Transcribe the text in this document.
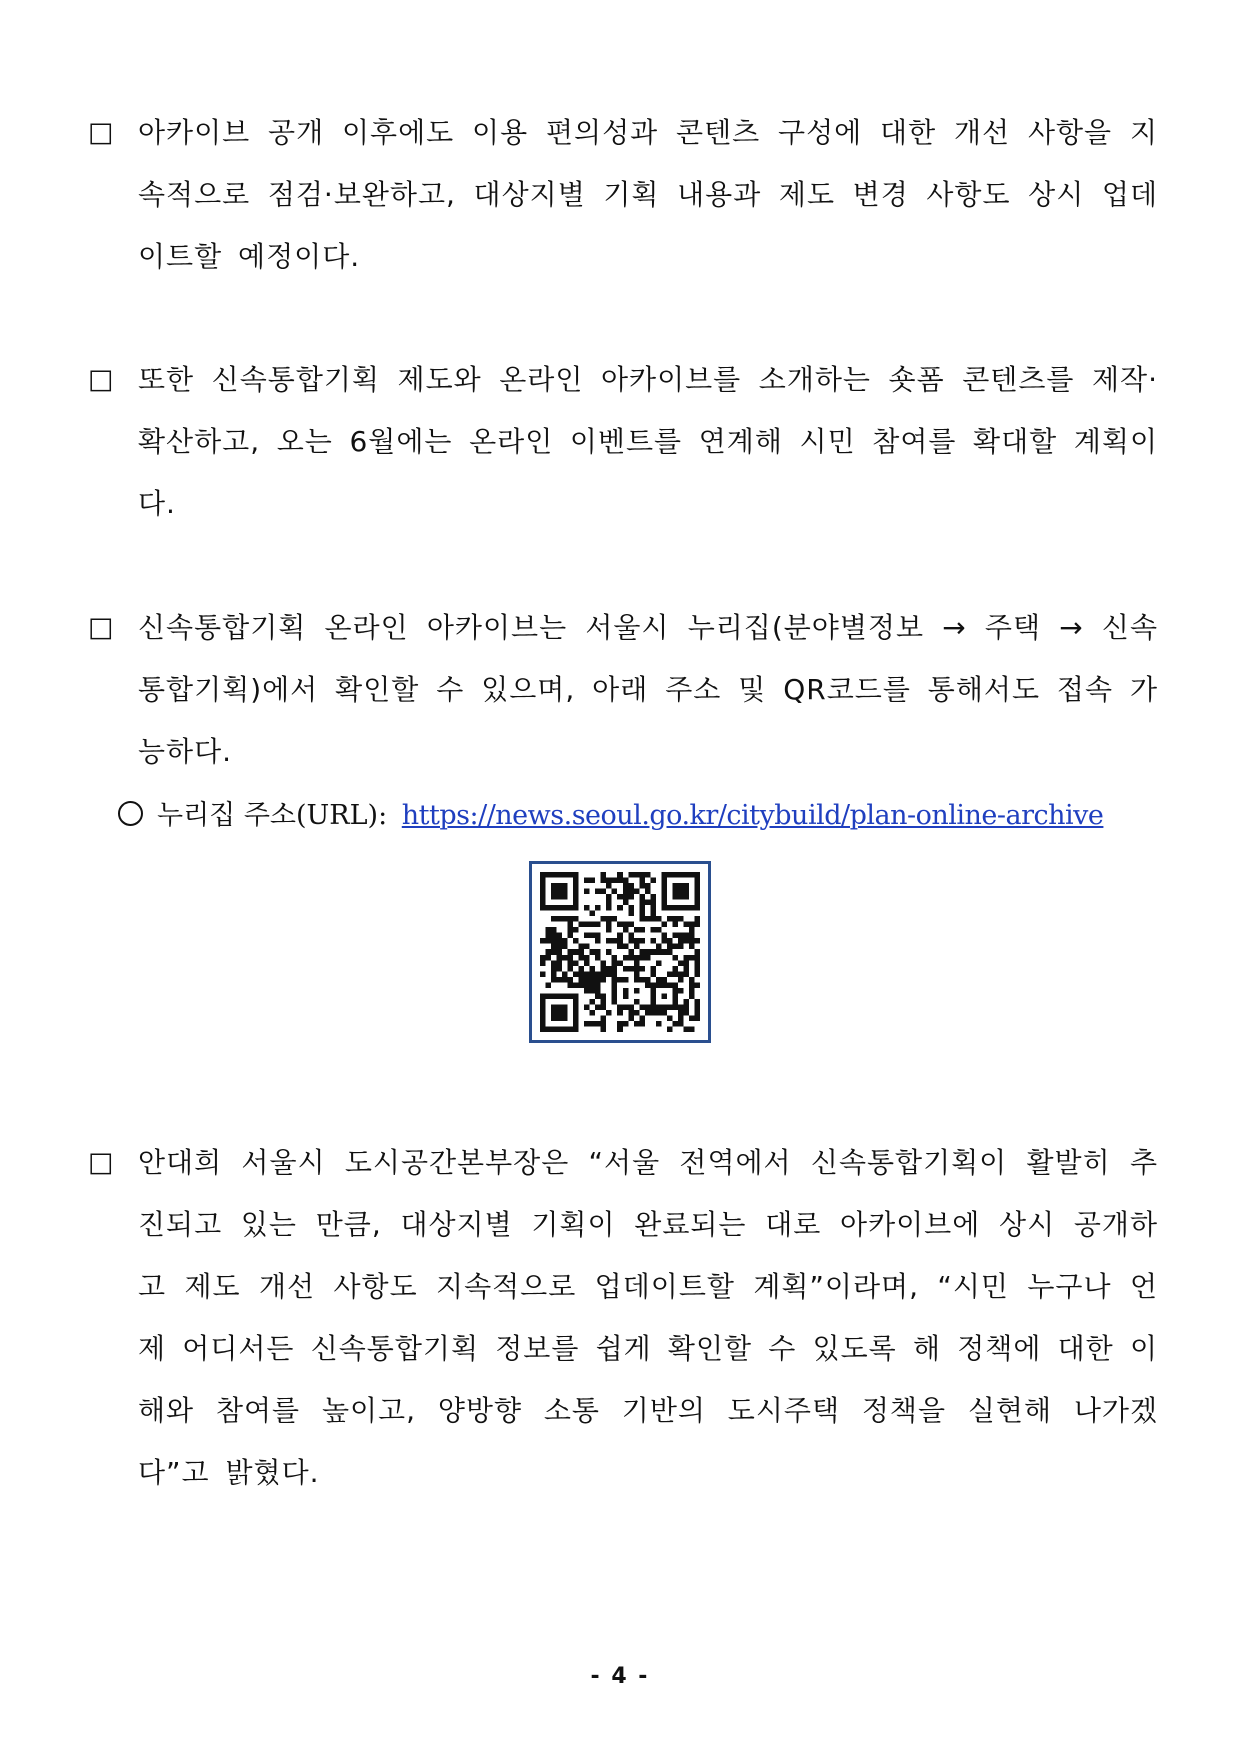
□ 아카이브 공개 이후에도 이용 편의성과 콘텐츠 구성에 대한 개선 사항을 지속적으로 점검·보완하고, 대상지별 기획 내용과 제도 변경 사항도 상시 업데이트할 예정이다.

□ 또한 신속통합기획 제도와 온라인 아카이브를 소개하는 숏폼 콘텐츠를 제작·확산하고, 오는 6월에는 온라인 이벤트를 연계해 시민 참여를 확대할 계획이다.

□ 신속통합기획 온라인 아카이브는 서울시 누리집(분야별정보 → 주택 → 신속통합기획)에서 확인할 수 있으며, 아래 주소 및 QR코드를 통해서도 접속 가능하다.

누리집 주소(URL): https://news.seoul.go.kr/citybuild/plan-online-archive
□ 안대희 서울시 도시공간본부장은 “서울 전역에서 신속통합기획이 활발히 추진되고 있는 만큼, 대상지별 기획이 완료되는 대로 아카이브에 상시 공개하고 제도 개선 사항도 지속적으로 업데이트할 계획”이라며, “시민 누구나 언제 어디서든 신속통합기획 정보를 쉽게 확인할 수 있도록 해 정책에 대한 이해와 참여를 높이고, 양방향 소통 기반의 도시주택 정책을 실현해 나가겠다”고 밝혔다.

- 4 -
